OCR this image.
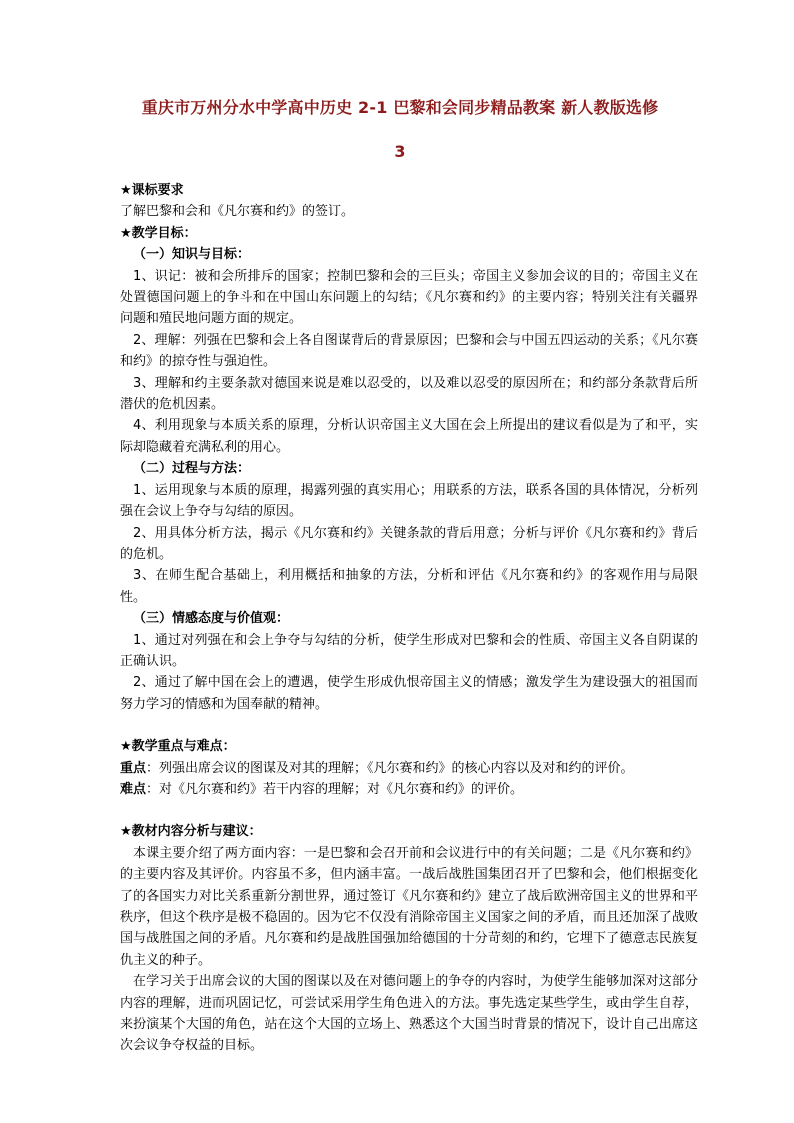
重庆市万州分水中学高中历史 2-1 巴黎和会同步精品教案 新人教版选修
3

★课标要求

了解巴黎和会和《凡尔赛和约》的签订。

★教学目标：

（一）知识与目标：

1、识记：被和会所排斥的国家；控制巴黎和会的三巨头；帝国主义参加会议的目的；帝国主义在处置德国问题上的争斗和在中国山东问题上的勾结；《凡尔赛和约》的主要内容；特别关注有关疆界问题和殖民地问题方面的规定。

2、理解：列强在巴黎和会上各自图谋背后的背景原因；巴黎和会与中国五四运动的关系；《凡尔赛和约》的掠夺性与强迫性。

3、理解和约主要条款对德国来说是难以忍受的，以及难以忍受的原因所在；和约部分条款背后所潜伏的危机因素。

4、利用现象与本质关系的原理，分析认识帝国主义大国在会上所提出的建议看似是为了和平，实际却隐藏着充满私利的用心。

（二）过程与方法：

1、运用现象与本质的原理，揭露列强的真实用心；用联系的方法，联系各国的具体情况，分析列强在会议上争夺与勾结的原因。

2、用具体分析方法，揭示《凡尔赛和约》关键条款的背后用意；分析与评价《凡尔赛和约》背后的危机。

3、在师生配合基础上，利用概括和抽象的方法，分析和评估《凡尔赛和约》的客观作用与局限性。

（三）情感态度与价值观：

1、通过对列强在和会上争夺与勾结的分析，使学生形成对巴黎和会的性质、帝国主义各自阴谋的正确认识。

2、通过了解中国在会上的遭遇，使学生形成仇恨帝国主义的情感；激发学生为建设强大的祖国而努力学习的情感和为国奉献的精神。

★教学重点与难点：

重点：列强出席会议的图谋及对其的理解；《凡尔赛和约》的核心内容以及对和约的评价。

难点：对《凡尔赛和约》若干内容的理解；对《凡尔赛和约》的评价。

★教材内容分析与建议：

本课主要介绍了两方面内容：一是巴黎和会召开前和会议进行中的有关问题；二是《凡尔赛和约》的主要内容及其评价。内容虽不多，但内涵丰富。一战后战胜国集团召开了巴黎和会，他们根据变化了的各国实力对比关系重新分割世界，通过签订《凡尔赛和约》建立了战后欧洲帝国主义的世界和平秩序，但这个秩序是极不稳固的。因为它不仅没有消除帝国主义国家之间的矛盾，而且还加深了战败国与战胜国之间的矛盾。凡尔赛和约是战胜国强加给德国的十分苛刻的和约，它埋下了德意志民族复仇主义的种子。

在学习关于出席会议的大国的图谋以及在对德问题上的争夺的内容时，为使学生能够加深对这部分内容的理解，进而巩固记忆，可尝试采用学生角色进入的方法。事先选定某些学生，或由学生自荐，来扮演某个大国的角色，站在这个大国的立场上、熟悉这个大国当时背景的情况下，设计自己出席这次会议争夺权益的目标。
